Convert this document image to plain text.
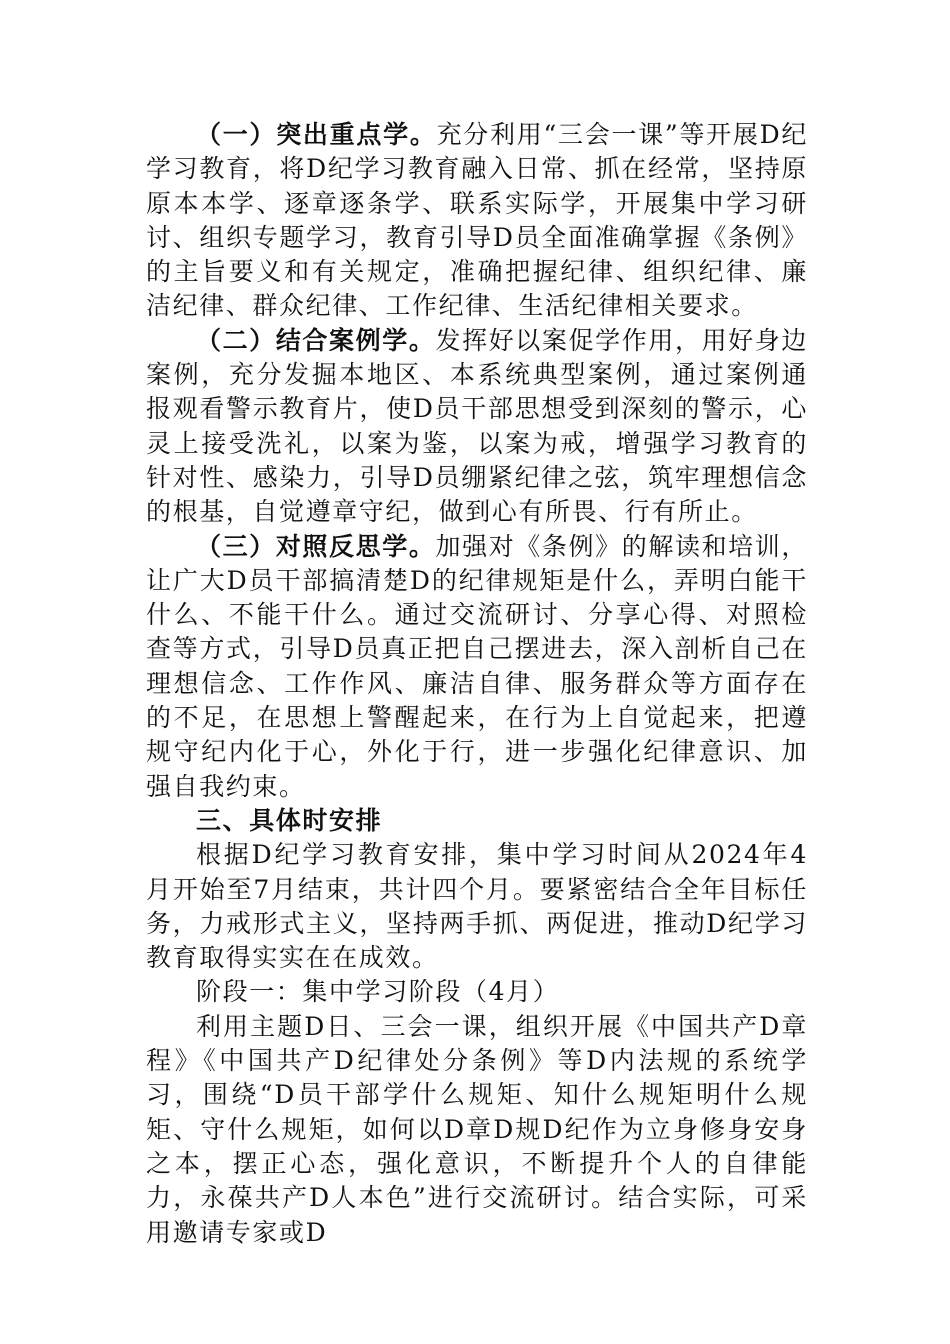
（一）突出重点学。充分利用“三会一课”等开展D纪学习教育，将D纪学习教育融入日常、抓在经常，坚持原原本本学、逐章逐条学、联系实际学，开展集中学习研讨、组织专题学习，教育引导D员全面准确掌握《条例》的主旨要义和有关规定，准确把握纪律、组织纪律、廉洁纪律、群众纪律、工作纪律、生活纪律相关要求。

（二）结合案例学。发挥好以案促学作用，用好身边案例，充分发掘本地区、本系统典型案例，通过案例通报观看警示教育片，使D员干部思想受到深刻的警示，心灵上接受洗礼，以案为鉴，以案为戒，增强学习教育的针对性、感染力，引导D员绷紧纪律之弦，筑牢理想信念的根基，自觉遵章守纪，做到心有所畏、行有所止。

（三）对照反思学。加强对《条例》的解读和培训，让广大D员干部搞清楚D的纪律规矩是什么，弄明白能干什么、不能干什么。通过交流研讨、分享心得、对照检查等方式，引导D员真正把自己摆进去，深入剖析自己在理想信念、工作作风、廉洁自律、服务群众等方面存在的不足，在思想上警醒起来，在行为上自觉起来，把遵规守纪内化于心，外化于行，进一步强化纪律意识、加强自我约束。

三、具体时安排

根据D纪学习教育安排，集中学习时间从2024年4月开始至7月结束，共计四个月。要紧密结合全年目标任务，力戒形式主义，坚持两手抓、两促进，推动D纪学习教育取得实实在在成效。

阶段一：集中学习阶段（4月）

利用主题D日、三会一课，组织开展《中国共产D章程》《中国共产D纪律处分条例》等D内法规的系统学习，围绕“D员干部学什么规矩、知什么规矩明什么规矩、守什么规矩，如何以D章D规D纪作为立身修身安身之本，摆正心态，强化意识，不断提升个人的自律能力，永葆共产D人本色”进行交流研讨。结合实际，可采用邀请专家或D
